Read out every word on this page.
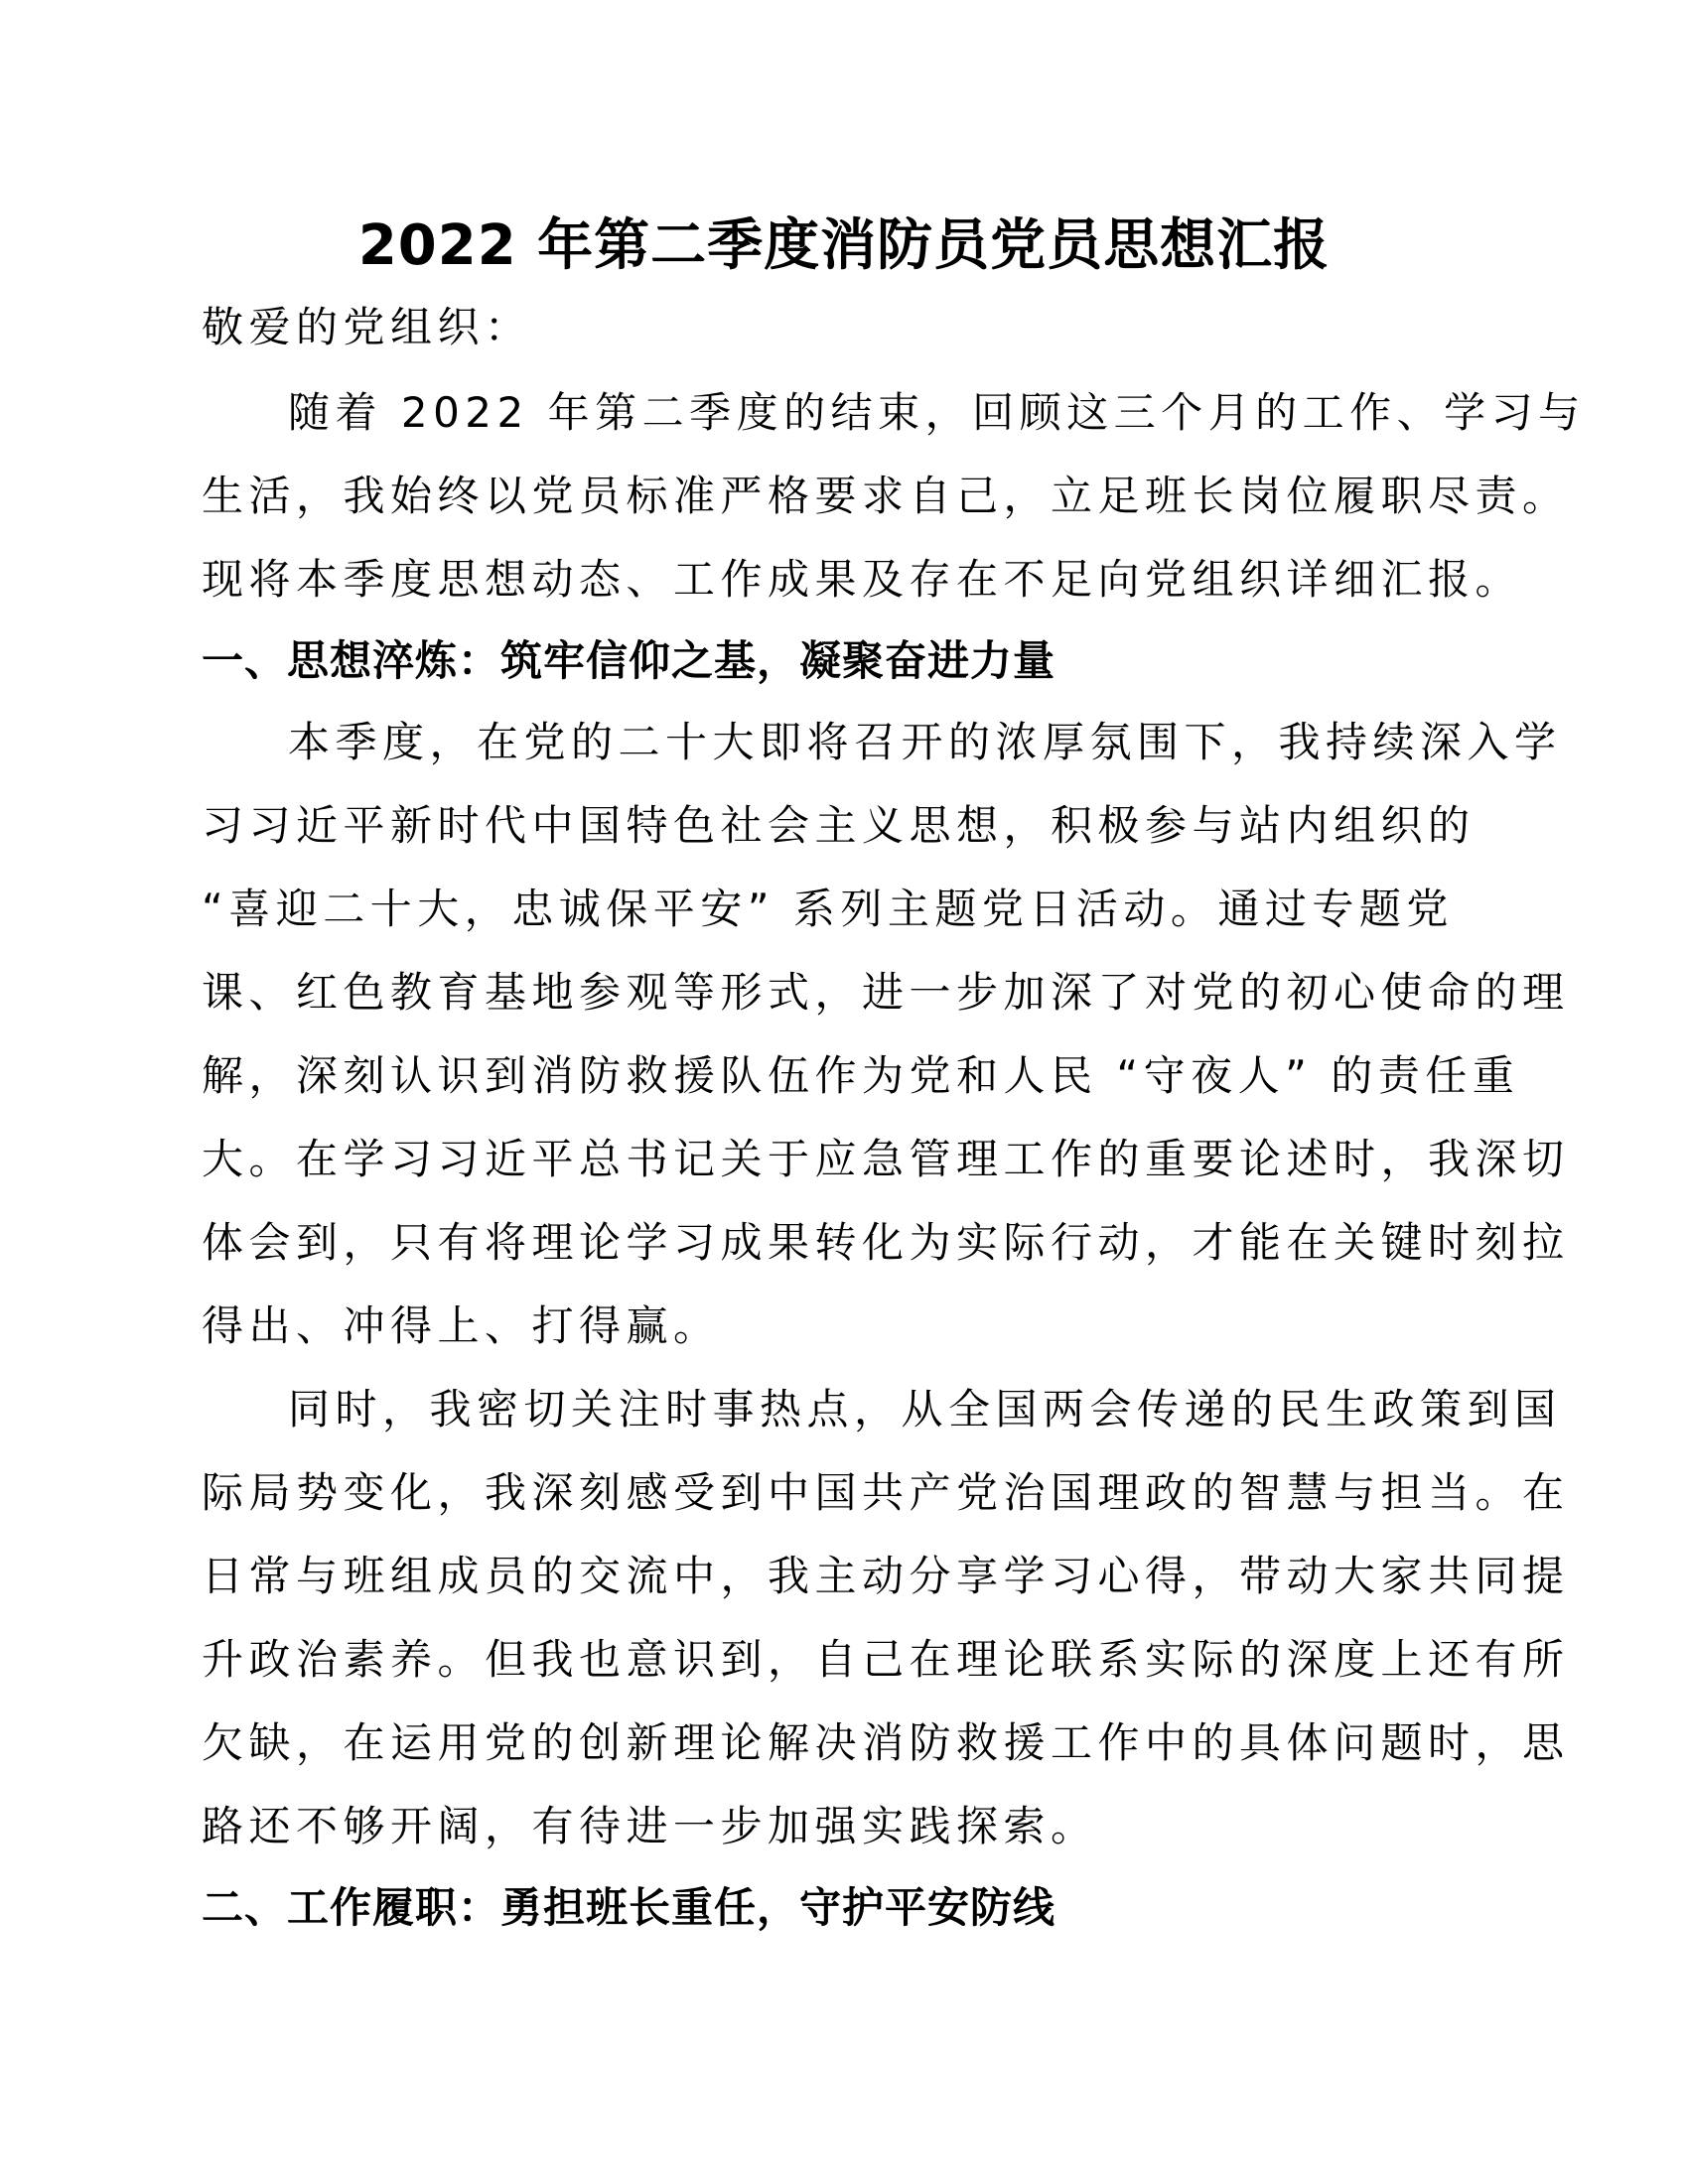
2022 年第二季度消防员党员思想汇报
敬爱的党组织：
随着 2022 年第二季度的结束，回顾这三个月的工作、学习与
生活，我始终以党员标准严格要求自己，立足班长岗位履职尽责。
现将本季度思想动态、工作成果及存在不足向党组织详细汇报。
一、思想淬炼：筑牢信仰之基，凝聚奋进力量
本季度，在党的二十大即将召开的浓厚氛围下，我持续深入学
习习近平新时代中国特色社会主义思想，积极参与站内组织的
“喜迎二十大，忠诚保平安” 系列主题党日活动。通过专题党
课、红色教育基地参观等形式，进一步加深了对党的初心使命的理
解，深刻认识到消防救援队伍作为党和人民 “守夜人” 的责任重
大。在学习习近平总书记关于应急管理工作的重要论述时，我深切
体会到，只有将理论学习成果转化为实际行动，才能在关键时刻拉
得出、冲得上、打得赢。
同时，我密切关注时事热点，从全国两会传递的民生政策到国
际局势变化，我深刻感受到中国共产党治国理政的智慧与担当。在
日常与班组成员的交流中，我主动分享学习心得，带动大家共同提
升政治素养。但我也意识到，自己在理论联系实际的深度上还有所
欠缺，在运用党的创新理论解决消防救援工作中的具体问题时，思
路还不够开阔，有待进一步加强实践探索。
二、工作履职：勇担班长重任，守护平安防线
